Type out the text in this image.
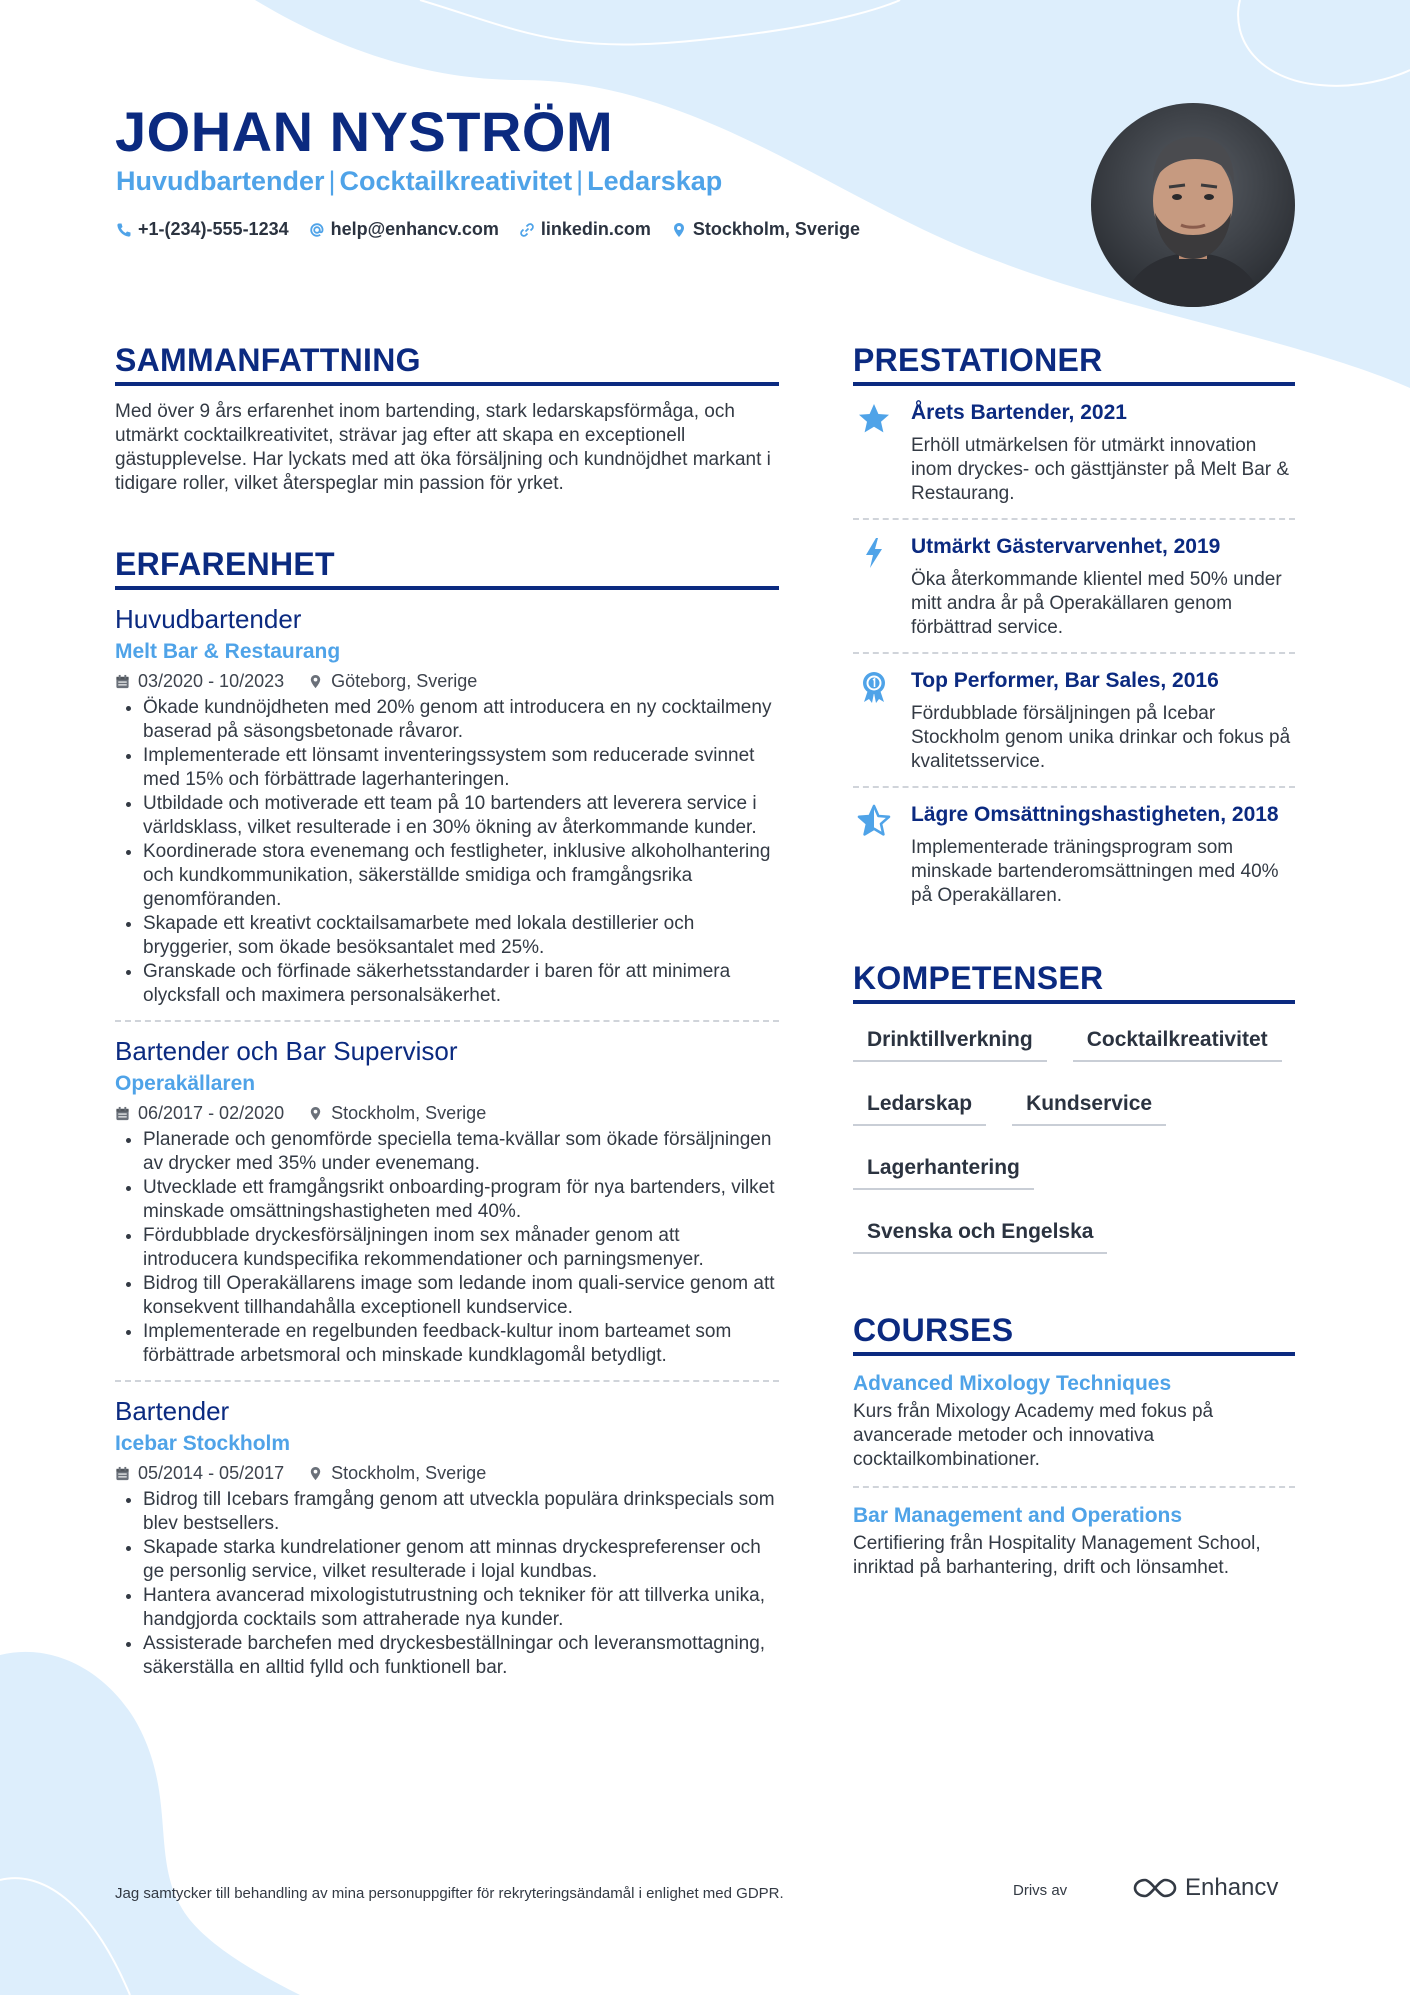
JOHAN NYSTRÖM
Huvudbartender | Cocktailkreativitet | Ledarskap
+1-(234)-555-1234 help@enhancv.com linkedin.com Stockholm, Sverige
SAMMANFATTNING

Med över 9 års erfarenhet inom bartending, stark ledarskapsförmåga, och utmärkt cocktailkreativitet, strävar jag efter att skapa en exceptionell gästupplevelse. Har lyckats med att öka försäljning och kundnöjdhet markant i tidigare roller, vilket återspeglar min passion för yrket.

ERFARENHET
Huvudbartender
Melt Bar & Restaurang
03/2020 - 10/2023	Göteborg, Sverige
• Ökade kundnöjdheten med 20% genom att introducera en ny cocktailmeny baserad på säsongsbetonade råvaror.
• Implementerade ett lönsamt inventeringssystem som reducerade svinnet med 15% och förbättrade lagerhanteringen.
• Utbildade och motiverade ett team på 10 bartenders att leverera service i världsklass, vilket resulterade i en 30% ökning av återkommande kunder.
• Koordinerade stora evenemang och festligheter, inklusive alkoholhantering och kundkommunikation, säkerställde smidiga och framgångsrika genomföranden.
• Skapade ett kreativt cocktailsamarbete med lokala destillerier och bryggerier, som ökade besöksantalet med 25%.
• Granskade och förfinade säkerhetsstandarder i baren för att minimera olycksfall och maximera personalsäkerhet.
Bartender och Bar Supervisor
Operakällaren
06/2017 - 02/2020	Stockholm, Sverige
• Planerade och genomförde speciella tema-kvällar som ökade försäljningen av drycker med 35% under evenemang.
• Utvecklade ett framgångsrikt onboarding-program för nya bartenders, vilket minskade omsättningshastigheten med 40%.
• Fördubblade dryckesförsäljningen inom sex månader genom att introducera kundspecifika rekommendationer och parningsmenyer.
• Bidrog till Operakällarens image som ledande inom quali-service genom att konsekvent tillhandahålla exceptionell kundservice.
• Implementerade en regelbunden feedback-kultur inom barteamet som förbättrade arbetsmoral och minskade kundklagomål betydligt.
Bartender
Icebar Stockholm
05/2014 - 05/2017	Stockholm, Sverige
• Bidrog till Icebars framgång genom att utveckla populära drinkspecials som blev bestsellers.
• Skapade starka kundrelationer genom att minnas dryckespreferenser och ge personlig service, vilket resulterade i lojal kundbas.
• Hantera avancerad mixologistutrustning och tekniker för att tillverka unika, handgjorda cocktails som attraherade nya kunder.
• Assisterade barchefen med dryckesbeställningar och leveransmottagning, säkerställa en alltid fylld och funktionell bar.
PRESTATIONER
Årets Bartender, 2021
Erhöll utmärkelsen för utmärkt innovation inom dryckes- och gästtjänster på Melt Bar & Restaurang.
Utmärkt Gästervarvenhet, 2019
Öka återkommande klientel med 50% under mitt andra år på Operakällaren genom förbättrad service.
Top Performer, Bar Sales, 2016
Fördubblade försäljningen på Icebar Stockholm genom unika drinkar och fokus på kvalitetsservice.
Lägre Omsättningshastigheten, 2018
Implementerade träningsprogram som minskade bartenderomsättningen med 40% på Operakällaren.
KOMPETENSER
Drinktillverkning	Cocktailkreativitet
Ledarskap	Kundservice
Lagerhantering
Svenska och Engelska
COURSES
Advanced Mixology Techniques
Kurs från Mixology Academy med fokus på avancerade metoder och innovativa cocktailkombinationer.
Bar Management and Operations
Certifiering från Hospitality Management School, inriktad på barhantering, drift och lönsamhet.
Jag samtycker till behandling av mina personuppgifter för rekryteringsändamål i enlighet med GDPR.	Drivs av	Enhancv
